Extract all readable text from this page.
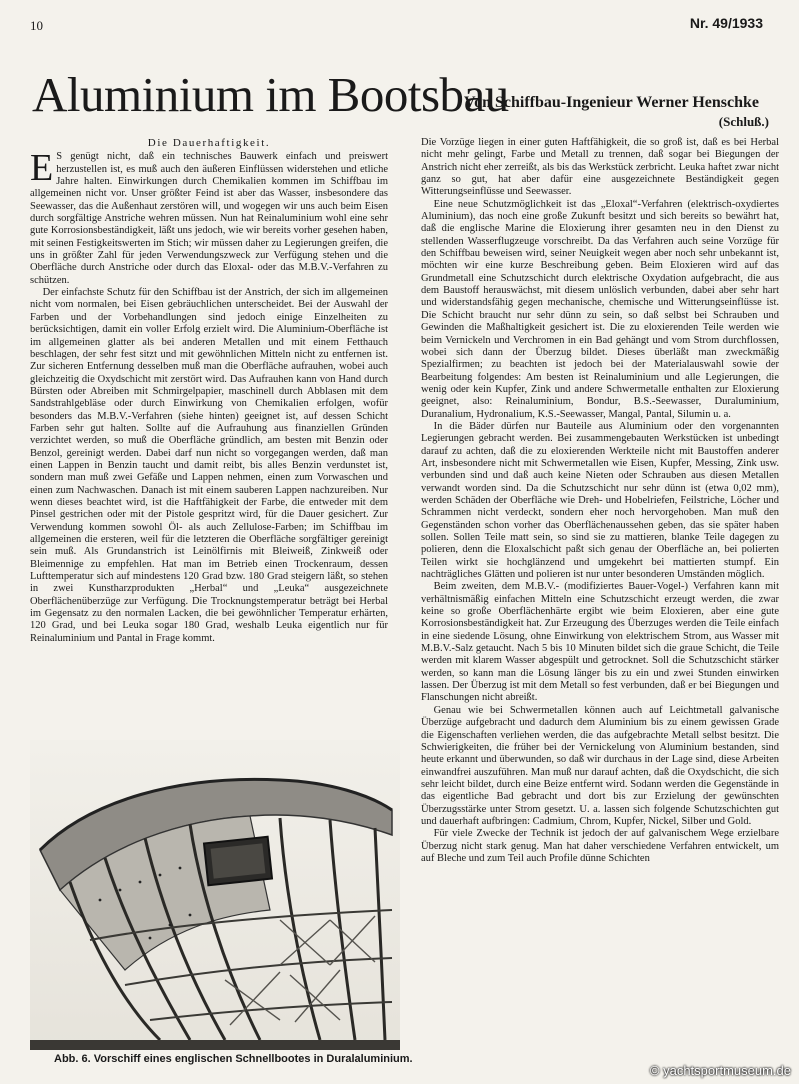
10	Nr. 49/1933
Aluminium im Bootsbau
Von Schiffbau-Ingenieur Werner Henschke
(Schluß.)
Die Dauerhaftigkeit.

E S genügt nicht, daß ein technisches Bauwerk einfach und preiswert herzustellen ist, es muß auch den äußeren Einflüssen widerstehen und etliche Jahre halten. Einwirkungen durch Chemikalien kommen im Schiffbau im allgemeinen nicht vor. Unser größter Feind ist aber das Wasser, insbesondere das Seewasser, das die Außenhaut zerstören will, und wogegen wir uns auch beim Eisen durch sorgfältige Anstriche wehren müssen. Nun hat Reinaluminium wohl eine sehr gute Korrosionsbeständigkeit, läßt uns jedoch, wie wir bereits vorher gesehen haben, mit seinen Festigkeitswerten im Stich; wir müssen daher zu Legierungen greifen, die uns in größter Zahl für jeden Verwendungszweck zur Verfügung stehen und die Oberfläche durch Anstriche oder durch das Eloxal- oder das M.B.V.-Verfahren zu schützen.

Der einfachste Schutz für den Schiffbau ist der Anstrich, der sich im allgemeinen nicht vom normalen, bei Eisen gebräuchlichen unterscheidet. Bei der Auswahl der Farben und der Vorbehandlungen sind jedoch einige Einzelheiten zu berücksichtigen, damit ein voller Erfolg erzielt wird. Die Aluminium-Oberfläche ist im allgemeinen glatter als bei anderen Metallen und mit einem Fetthauch beschlagen, der sehr fest sitzt und mit gewöhnlichen Mitteln nicht zu entfernen ist. Zur sicheren Entfernung desselben muß man die Oberfläche aufrauhen, wobei auch gleichzeitig die Oxydschicht mit zerstört wird. Das Aufrauhen kann von Hand durch Bürsten oder Abreiben mit Schmirgelpapier, maschinell durch Abblasen mit dem Sandstrahlgebläse oder durch Einwirkung von Chemikalien erfolgen, wofür besonders das M.B.V.-Verfahren (siehe hinten) geeignet ist, auf dessen Schicht Farben sehr gut halten. Sollte auf die Aufrauhung aus finanziellen Gründen verzichtet werden, so muß die Oberfläche gründlich, am besten mit Benzin oder Benzol, gereinigt werden. Dabei darf nun nicht so vorgegangen werden, daß man einen Lappen in Benzin taucht und damit reibt, bis alles Benzin verdunstet ist, sondern man muß zwei Gefäße und Lappen nehmen, einen zum Vorwaschen und einen zum Nachwaschen. Danach ist mit einem sauberen Lappen nachzureiben. Nur wenn dieses beachtet wird, ist die Haftfähigkeit der Farbe, die entweder mit dem Pinsel gestrichen oder mit der Pistole gespritzt wird, für die Dauer gesichert. Zur Verwendung kommen sowohl Öl- als auch Zellulose-Farben; im Schiffbau im allgemeinen die ersteren, weil für die letzteren die Oberfläche sorgfältiger gereinigt sein muß. Als Grundanstrich ist Leinölfirnis mit Bleiweiß, Zinkweiß oder Bleimennige zu empfehlen. Hat man im Betrieb einen Trockenraum, dessen Lufttemperatur sich auf mindestens 120 Grad bzw. 180 Grad steigern läßt, so stehen in zwei Kunstharzprodukten „Herbal“ und „Leuka“ ausgezeichnete Oberflächenüberzüge zur Verfügung. Die Trocknungstemperatur beträgt bei Herbal im Gegensatz zu den normalen Lacken, die bei gewöhnlicher Temperatur erhärten, 120 Grad, und bei Leuka sogar 180 Grad, weshalb Leuka eigentlich nur für Reinaluminium und Pantal in Frage kommt.

Die Vorzüge liegen in einer guten Haftfähigkeit, die so groß ist, daß es bei Herbal nicht mehr gelingt, Farbe und Metall zu trennen, daß sogar bei Biegungen der Anstrich nicht eher zerreißt, als bis das Werkstück zerbricht. Leuka haftet zwar nicht ganz so gut, hat aber dafür eine ausgezeichnete Beständigkeit gegen Witterungseinflüsse und Seewasser.

Eine neue Schutzmöglichkeit ist das „Eloxal“-Verfahren (elektrisch-oxydiertes Aluminium), das noch eine große Zukunft besitzt und sich bereits so bewährt hat, daß die englische Marine die Eloxierung ihrer gesamten neu in den Dienst zu stellenden Wasserflugzeuge vorschreibt. Da das Verfahren auch seine Vorzüge für den Schiffbau beweisen wird, seiner Neuigkeit wegen aber noch sehr unbekannt ist, möchten wir eine kurze Beschreibung geben. Beim Eloxieren wird auf das Grundmetall eine Schutzschicht durch elektrische Oxydation aufgebracht, die aus dem Baustoff herauswächst, mit diesem unlöslich verbunden, dabei aber sehr hart und widerstandsfähig gegen mechanische, chemische und Witterungseinflüsse ist. Die Schicht braucht nur sehr dünn zu sein, so daß selbst bei Schrauben und Gewinden die Maßhaltigkeit gesichert ist. Die zu eloxierenden Teile werden wie beim Vernickeln und Verchromen in ein Bad gehängt und vom Strom durchflossen, wobei sich dann der Überzug bildet. Dieses überläßt man zweckmäßig Spezialfirmen; zu beachten ist jedoch bei der Materialauswahl sowie der Bearbeitung folgendes: Am besten ist Reinaluminium und alle Legierungen, die wenig oder kein Kupfer, Zink und andere Schwermetalle enthalten zur Eloxierung geeignet, also: Reinaluminium, Bondur, B.S.-Seewasser, Duraluminium, Duranalium, Hydronalium, K.S.-Seewasser, Mangal, Pantal, Silumin u. a.

In die Bäder dürfen nur Bauteile aus Aluminium oder den vorgenannten Legierungen gebracht werden. Bei zusammengebauten Werkstücken ist unbedingt darauf zu achten, daß die zu eloxierenden Werkteile nicht mit Baustoffen anderer Art, insbesondere nicht mit Schwermetallen wie Eisen, Kupfer, Messing, Zink usw. verbunden sind und daß auch keine Nieten oder Schrauben aus diesen Metallen verwandt worden sind. Da die Schutzschicht nur sehr dünn ist (etwa 0,02 mm), werden Schäden der Oberfläche wie Dreh- und Hobelriefen, Feilstriche, Löcher und Schrammen nicht verdeckt, sondern eher noch hervorgehoben. Man muß den Gegenständen schon vorher das Oberflächenaussehen geben, das sie später haben sollen. Sollen Teile matt sein, so sind sie zu mattieren, blanke Teile dagegen zu polieren, denn die Eloxalschicht paßt sich genau der Oberfläche an, bei polierten Teilen wirkt sie hochglänzend und umgekehrt bei mattierten stumpf. Ein nachträgliches Glätten und polieren ist nur unter besonderen Umständen möglich.

Beim zweiten, dem M.B.V.- (modifiziertes Bauer-Vogel-) Verfahren kann mit verhältnismäßig einfachen Mitteln eine Schutzschicht erzeugt werden, die zwar keine so große Oberflächenhärte ergibt wie beim Eloxieren, aber eine gute Korrosionsbeständigkeit hat. Zur Erzeugung des Überzuges werden die Teile einfach in eine siedende Lösung, ohne Einwirkung von elektrischem Strom, aus Wasser mit M.B.V.-Salz getaucht. Nach 5 bis 10 Minuten bildet sich die graue Schicht, die Teile werden mit klarem Wasser abgespült und getrocknet. Soll die Schutzschicht stärker werden, so kann man die Lösung länger bis zu ein und zwei Stunden einwirken lassen. Der Überzug ist mit dem Metall so fest verbunden, daß er bei Biegungen und Flanschungen nicht abreißt.

Genau wie bei Schwermetallen können auch auf Leichtmetall galvanische Überzüge aufgebracht und dadurch dem Aluminium bis zu einem gewissen Grade die Eigenschaften verliehen werden, die das aufgebrachte Metall selbst besitzt. Die Schwierigkeiten, die früher bei der Vernickelung von Aluminium bestanden, sind heute erkannt und überwunden, so daß wir durchaus in der Lage sind, diese Arbeiten einwandfrei auszuführen. Man muß nur darauf achten, daß die Oxydschicht, die sich sehr leicht bildet, durch eine Beize entfernt wird. Sodann werden die Gegenstände in das eigentliche Bad gebracht und dort bis zur Erzielung der gewünschten Überzugsstärke unter Strom gesetzt. U. a. lassen sich folgende Schutzschichten gut und dauerhaft aufbringen: Cadmium, Chrom, Kupfer, Nickel, Silber und Gold.

Für viele Zwecke der Technik ist jedoch der auf galvanischem Wege erzielbare Überzug nicht stark genug. Man hat daher verschiedene Verfahren entwickelt, um auf Bleche und zum Teil auch Profile dünne Schichten

Abb. 6. Vorschiff eines englischen Schnellbootes in Duralaluminium.
© yachtsportmuseum.de
